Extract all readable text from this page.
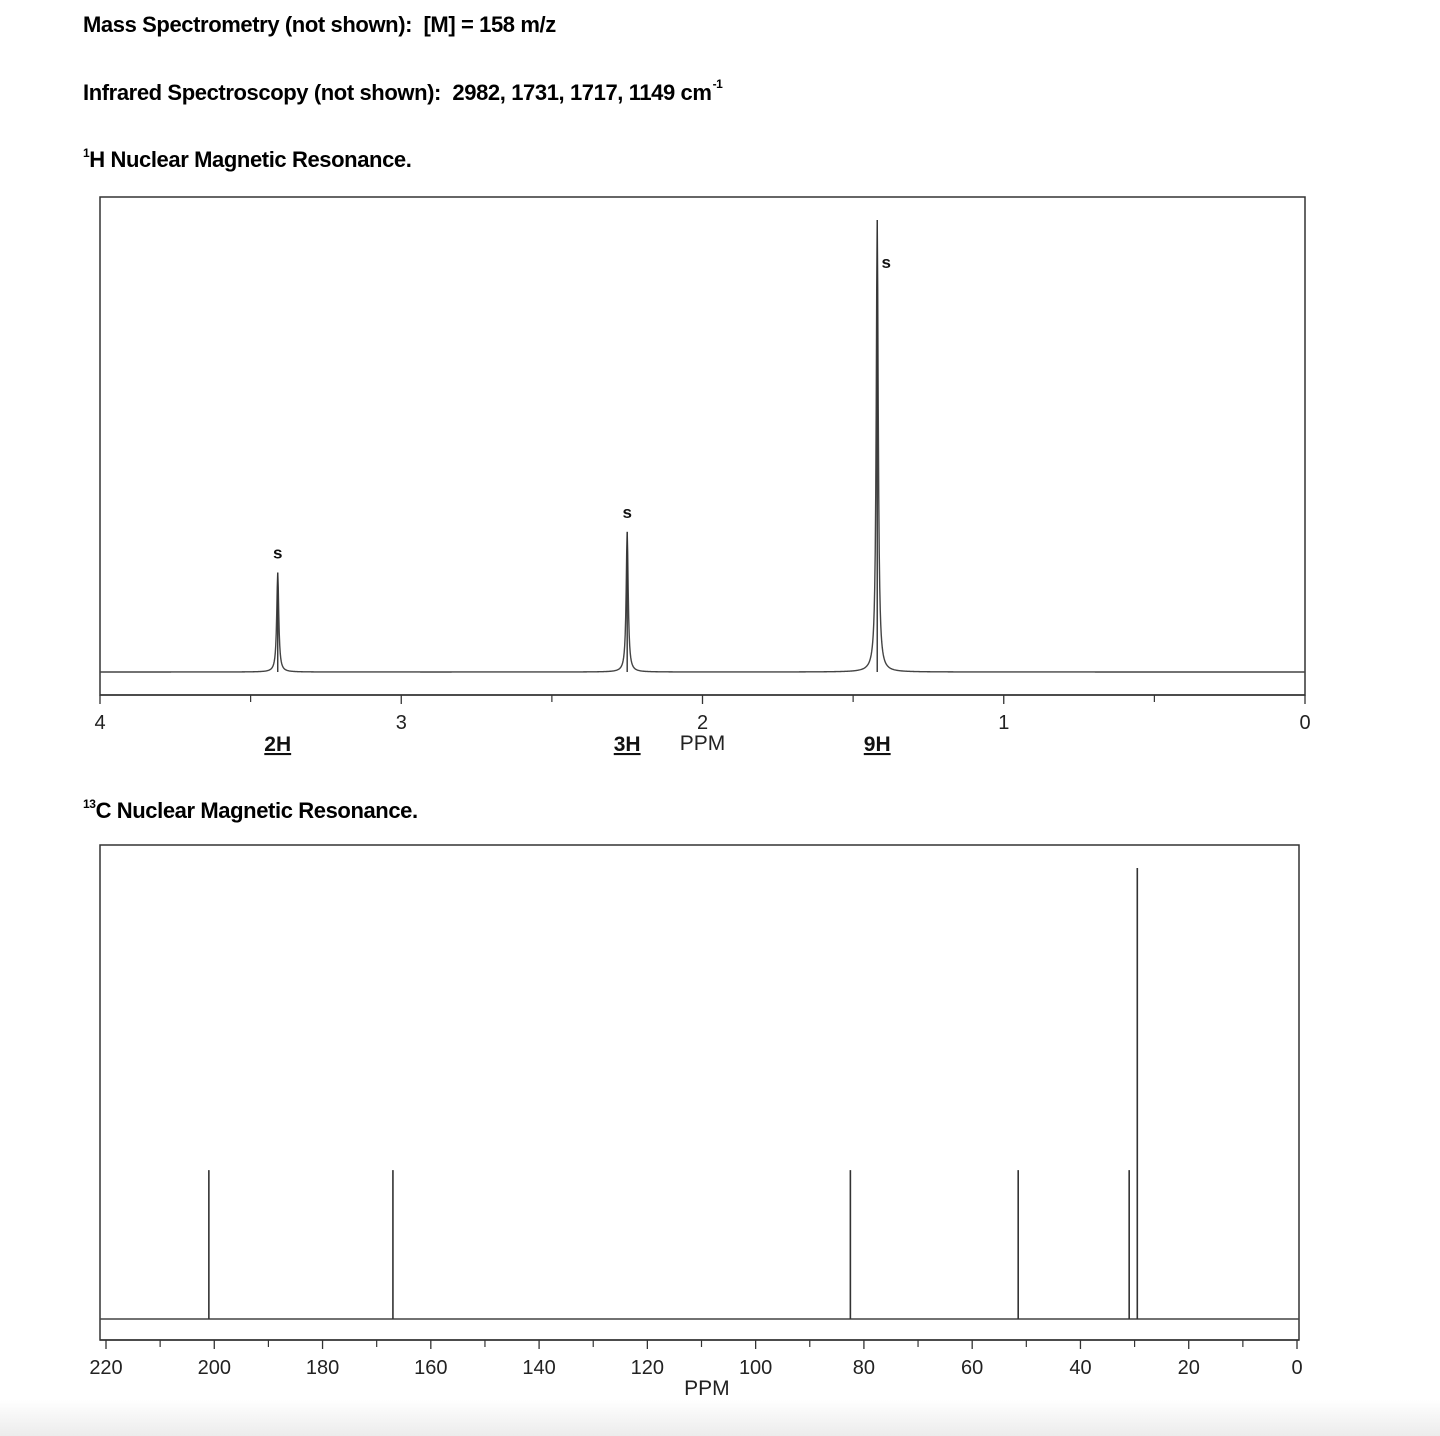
Mass Spectrometry (not shown): [M] = 158 m/z
Infrared Spectroscopy (not shown): 2982, 1731, 1717, 1149 $cm^{-1}$
$^1$H Nuclear Magnetic Resonance.
s
2H
s
3H
s
9H
4	3	2	1	0
PPM
$^{13}$C Nuclear Magnetic Resonance.
220	200	180	160	140	120	100	80	60	40	20	0
PPM
